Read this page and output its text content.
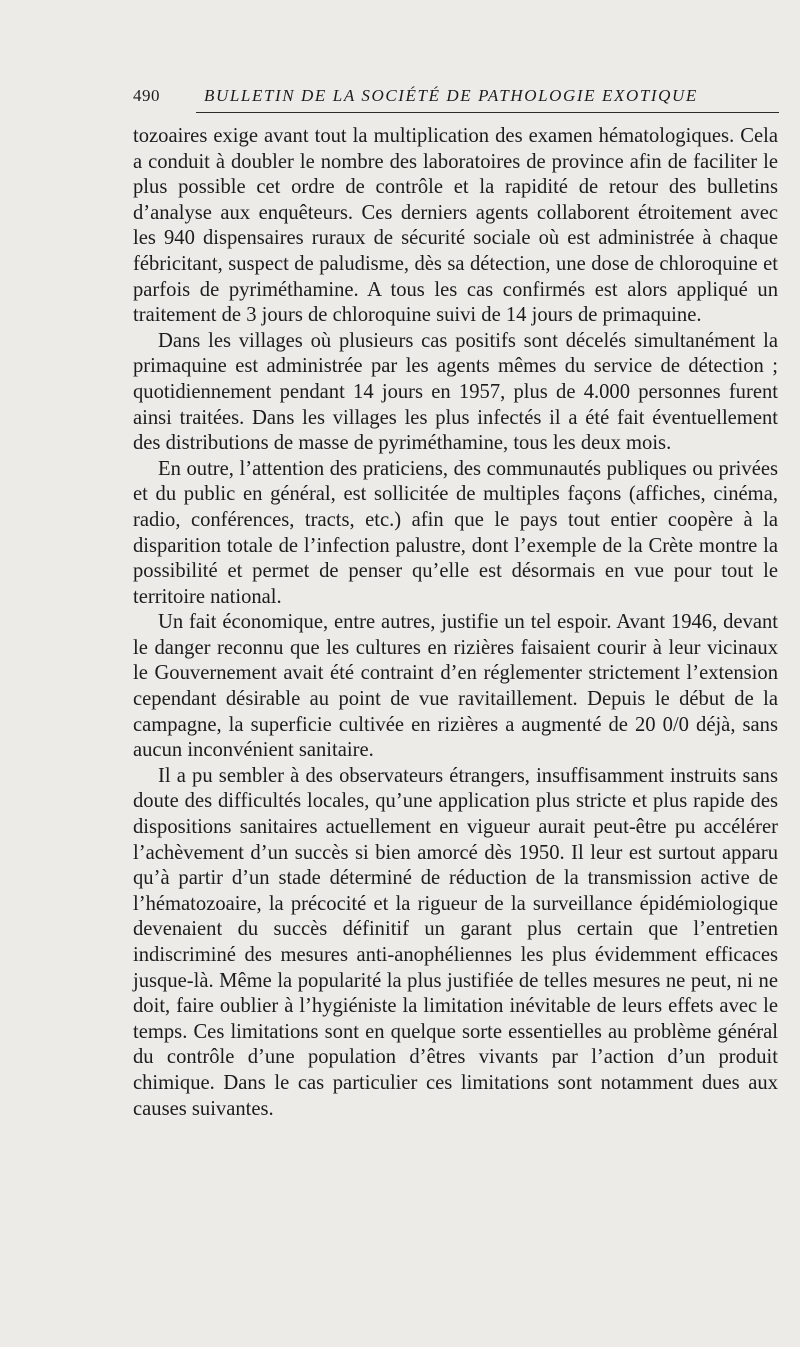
490	BULLETIN DE LA SOCIÉTÉ DE PATHOLOGIE EXOTIQUE

tozoaires exige avant tout la multiplication des examen hématologiques. Cela a conduit à doubler le nombre des laboratoires de province afin de faciliter le plus possible cet ordre de contrôle et la rapidité de retour des bulletins d’analyse aux enquêteurs. Ces derniers agents collaborent étroitement avec les 940 dispensaires ruraux de sécurité sociale où est administrée à chaque fébricitant, suspect de paludisme, dès sa détection, une dose de chloroquine et parfois de pyriméthamine. A tous les cas confirmés est alors appliqué un traitement de 3 jours de chloroquine suivi de 14 jours de primaquine.

Dans les villages où plusieurs cas positifs sont décelés simultanément la primaquine est administrée par les agents mêmes du service de détection ; quotidiennement pendant 14 jours en 1957, plus de 4.000 personnes furent ainsi traitées. Dans les villages les plus infectés il a été fait éventuellement des distributions de masse de pyriméthamine, tous les deux mois.

En outre, l’attention des praticiens, des communautés publiques ou privées et du public en général, est sollicitée de multiples façons (affiches, cinéma, radio, conférences, tracts, etc.) afin que le pays tout entier coopère à la disparition totale de l’infection palustre, dont l’exemple de la Crète montre la possibilité et permet de penser qu’elle est désormais en vue pour tout le territoire national.

Un fait économique, entre autres, justifie un tel espoir. Avant 1946, devant le danger reconnu que les cultures en rizières faisaient courir à leur vicinaux le Gouvernement avait été contraint d’en réglementer strictement l’extension cependant désirable au point de vue ravitaillement. Depuis le début de la campagne, la superficie cultivée en rizières a augmenté de 20 0/0 déjà, sans aucun inconvénient sanitaire.

Il a pu sembler à des observateurs étrangers, insuffisamment instruits sans doute des difficultés locales, qu’une application plus stricte et plus rapide des dispositions sanitaires actuellement en vigueur aurait peut-être pu accélérer l’achèvement d’un succès si bien amorcé dès 1950. Il leur est surtout apparu qu’à partir d’un stade déterminé de réduction de la transmission active de l’hématozoaire, la précocité et la rigueur de la surveillance épidémiologique devenaient du succès définitif un garant plus certain que l’entretien indiscriminé des mesures anti-anophéliennes les plus évidemment efficaces jusque-là. Même la popularité la plus justifiée de telles mesures ne peut, ni ne doit, faire oublier à l’hygiéniste la limitation inévitable de leurs effets avec le temps. Ces limitations sont en quelque sorte essentielles au problème général du contrôle d’une population d’êtres vivants par l’action d’un produit chimique. Dans le cas particulier ces limitations sont notamment dues aux causes suivantes.
